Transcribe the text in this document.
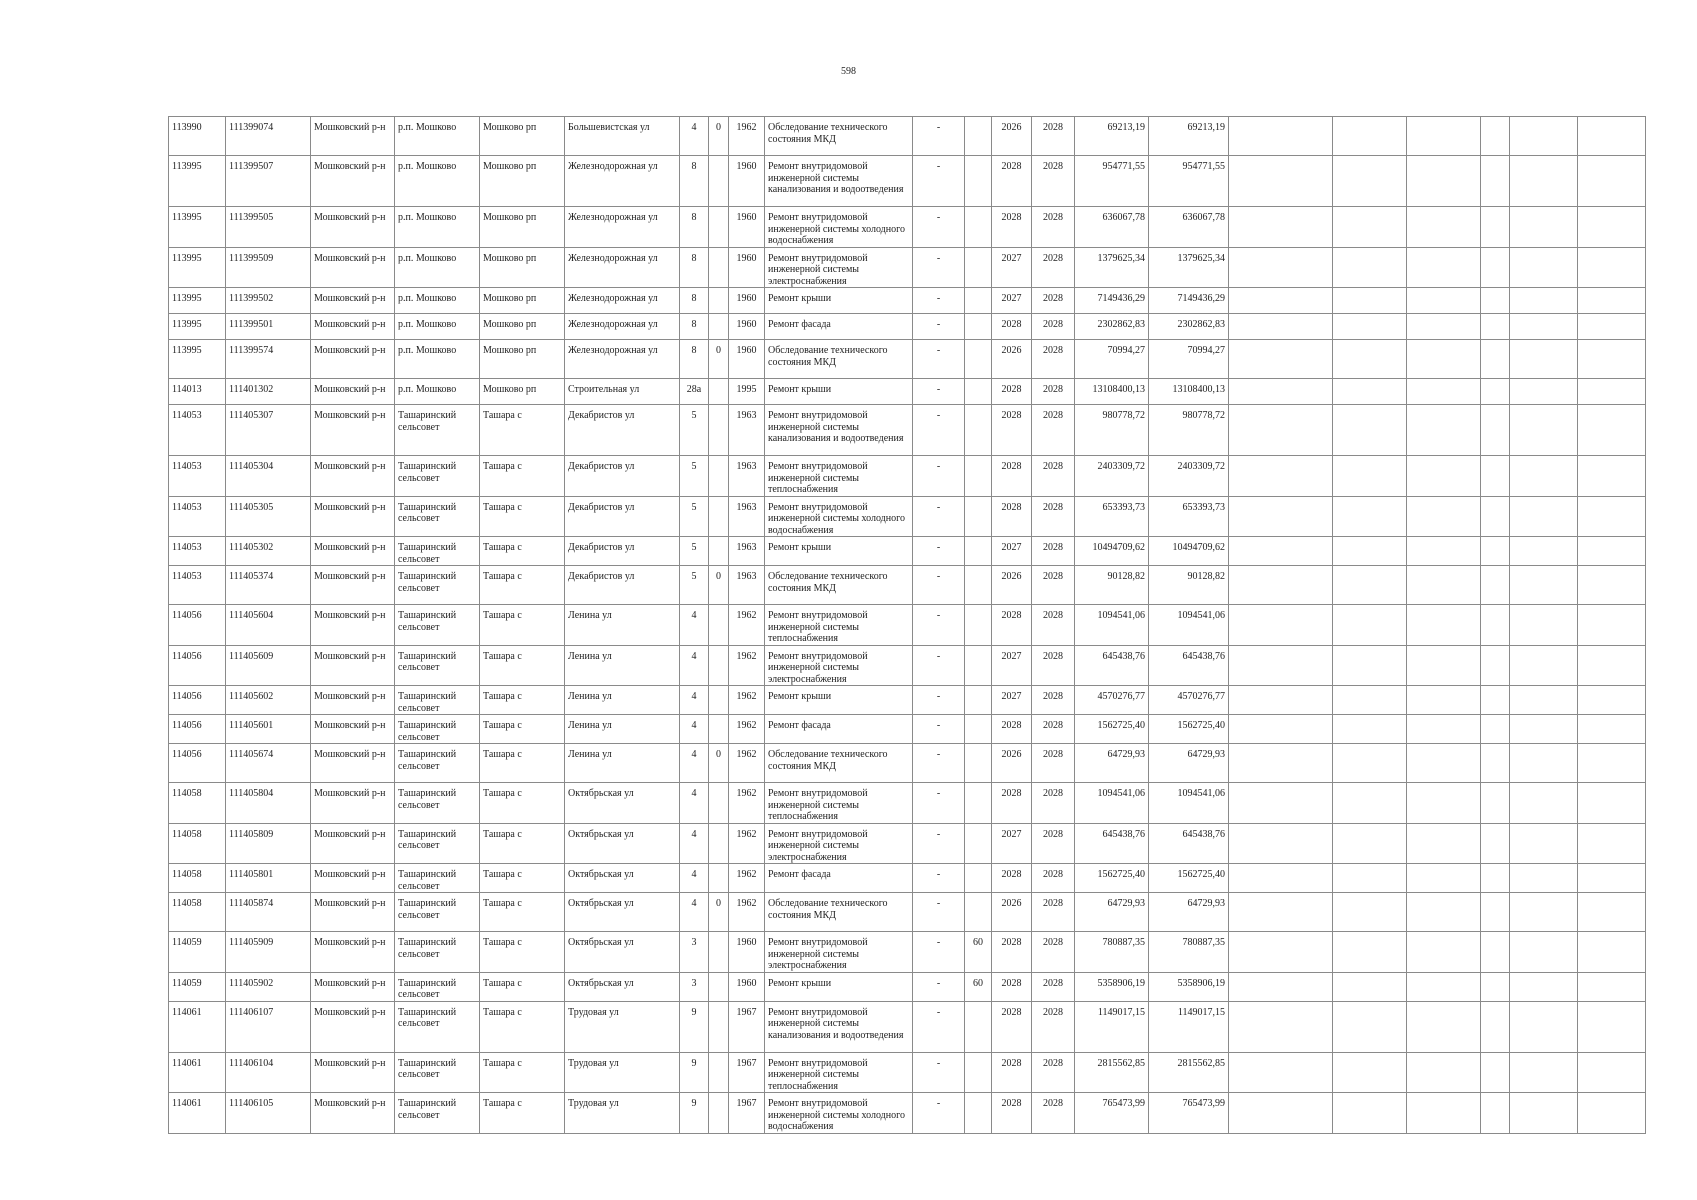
598
113990	111399074	Мошковский р-н	р.п. Мошково	Мошково рп	Большевистская ул	4	0	1962	Обследование технического состояния МКД	-		2026	2028	69213,19	69213,19						
113995	111399507	Мошковский р-н	р.п. Мошково	Мошково рп	Железнодорожная ул	8		1960	Ремонт внутридомовой инженерной системы канализования и водоотведения	-		2028	2028	954771,55	954771,55						
113995	111399505	Мошковский р-н	р.п. Мошково	Мошково рп	Железнодорожная ул	8		1960	Ремонт внутридомовой инженерной системы холодного водоснабжения	-		2028	2028	636067,78	636067,78						
113995	111399509	Мошковский р-н	р.п. Мошково	Мошково рп	Железнодорожная ул	8		1960	Ремонт внутридомовой инженерной системы электроснабжения	-		2027	2028	1379625,34	1379625,34						
113995	111399502	Мошковский р-н	р.п. Мошково	Мошково рп	Железнодорожная ул	8		1960	Ремонт крыши	-		2027	2028	7149436,29	7149436,29						
113995	111399501	Мошковский р-н	р.п. Мошково	Мошково рп	Железнодорожная ул	8		1960	Ремонт фасада	-		2028	2028	2302862,83	2302862,83						
113995	111399574	Мошковский р-н	р.п. Мошково	Мошково рп	Железнодорожная ул	8	0	1960	Обследование технического состояния МКД	-		2026	2028	70994,27	70994,27						
114013	111401302	Мошковский р-н	р.п. Мошково	Мошково рп	Строительная ул	28а		1995	Ремонт крыши	-		2028	2028	13108400,13	13108400,13						
114053	111405307	Мошковский р-н	Ташаринский сельсовет	Ташара с	Декабристов ул	5		1963	Ремонт внутридомовой инженерной системы канализования и водоотведения	-		2028	2028	980778,72	980778,72						
114053	111405304	Мошковский р-н	Ташаринский сельсовет	Ташара с	Декабристов ул	5		1963	Ремонт внутридомовой инженерной системы теплоснабжения	-		2028	2028	2403309,72	2403309,72						
114053	111405305	Мошковский р-н	Ташаринский сельсовет	Ташара с	Декабристов ул	5		1963	Ремонт внутридомовой инженерной системы холодного водоснабжения	-		2028	2028	653393,73	653393,73						
114053	111405302	Мошковский р-н	Ташаринский сельсовет	Ташара с	Декабристов ул	5		1963	Ремонт крыши	-		2027	2028	10494709,62	10494709,62						
114053	111405374	Мошковский р-н	Ташаринский сельсовет	Ташара с	Декабристов ул	5	0	1963	Обследование технического состояния МКД	-		2026	2028	90128,82	90128,82						
114056	111405604	Мошковский р-н	Ташаринский сельсовет	Ташара с	Ленина ул	4		1962	Ремонт внутридомовой инженерной системы теплоснабжения	-		2028	2028	1094541,06	1094541,06						
114056	111405609	Мошковский р-н	Ташаринский сельсовет	Ташара с	Ленина ул	4		1962	Ремонт внутридомовой инженерной системы электроснабжения	-		2027	2028	645438,76	645438,76						
114056	111405602	Мошковский р-н	Ташаринский сельсовет	Ташара с	Ленина ул	4		1962	Ремонт крыши	-		2027	2028	4570276,77	4570276,77						
114056	111405601	Мошковский р-н	Ташаринский сельсовет	Ташара с	Ленина ул	4		1962	Ремонт фасада	-		2028	2028	1562725,40	1562725,40						
114056	111405674	Мошковский р-н	Ташаринский сельсовет	Ташара с	Ленина ул	4	0	1962	Обследование технического состояния МКД	-		2026	2028	64729,93	64729,93						
114058	111405804	Мошковский р-н	Ташаринский сельсовет	Ташара с	Октябрьская ул	4		1962	Ремонт внутридомовой инженерной системы теплоснабжения	-		2028	2028	1094541,06	1094541,06						
114058	111405809	Мошковский р-н	Ташаринский сельсовет	Ташара с	Октябрьская ул	4		1962	Ремонт внутридомовой инженерной системы электроснабжения	-		2027	2028	645438,76	645438,76						
114058	111405801	Мошковский р-н	Ташаринский сельсовет	Ташара с	Октябрьская ул	4		1962	Ремонт фасада	-		2028	2028	1562725,40	1562725,40						
114058	111405874	Мошковский р-н	Ташаринский сельсовет	Ташара с	Октябрьская ул	4	0	1962	Обследование технического состояния МКД	-		2026	2028	64729,93	64729,93						
114059	111405909	Мошковский р-н	Ташаринский сельсовет	Ташара с	Октябрьская ул	3		1960	Ремонт внутридомовой инженерной системы электроснабжения	-	60	2028	2028	780887,35	780887,35						
114059	111405902	Мошковский р-н	Ташаринский сельсовет	Ташара с	Октябрьская ул	3		1960	Ремонт крыши	-	60	2028	2028	5358906,19	5358906,19						
114061	111406107	Мошковский р-н	Ташаринский сельсовет	Ташара с	Трудовая ул	9		1967	Ремонт внутридомовой инженерной системы канализования и водоотведения	-		2028	2028	1149017,15	1149017,15						
114061	111406104	Мошковский р-н	Ташаринский сельсовет	Ташара с	Трудовая ул	9		1967	Ремонт внутридомовой инженерной системы теплоснабжения	-		2028	2028	2815562,85	2815562,85						
114061	111406105	Мошковский р-н	Ташаринский сельсовет	Ташара с	Трудовая ул	9		1967	Ремонт внутридомовой инженерной системы холодного водоснабжения	-		2028	2028	765473,99	765473,99						
